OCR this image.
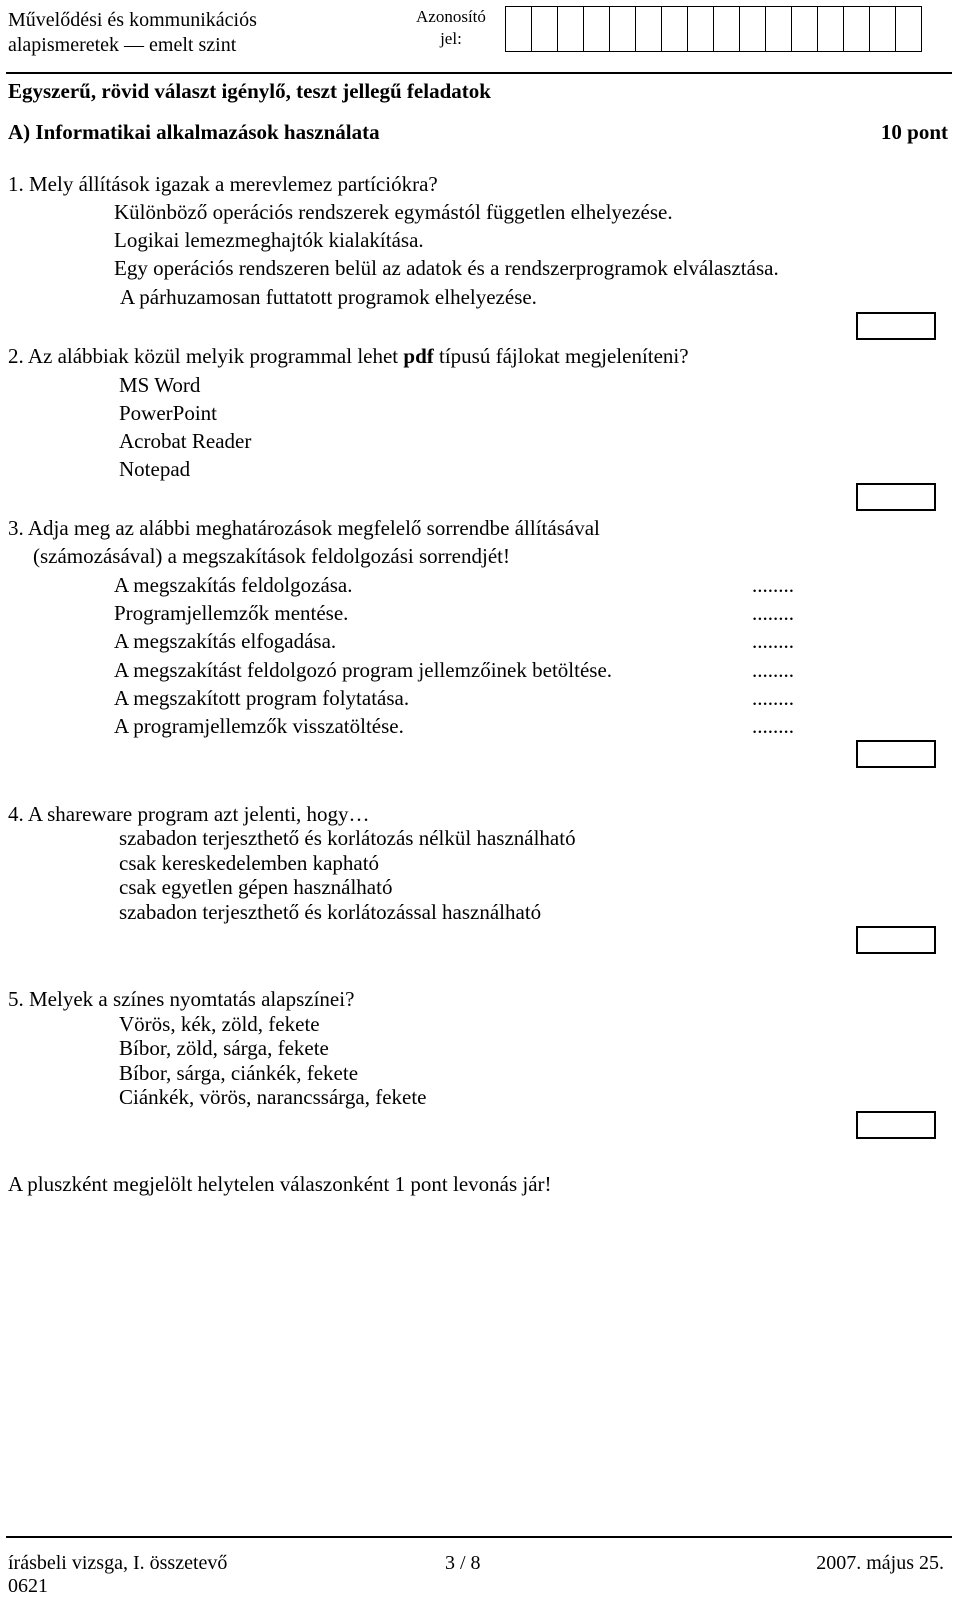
Művelődési és kommunikációs
alapismeretek — emelt szint
Azonosító
jel:
Egyszerű, rövid választ igénylő, teszt jellegű feladatok
A) Informatikai alkalmazások használata	10 pont
1. Mely állítások igazak a merevlemez partíciókra?
Különböző operációs rendszerek egymástól független elhelyezése.
Logikai lemezmeghajtók kialakítása.
Egy operációs rendszeren belül az adatok és a rendszerprogramok elválasztása.
A párhuzamosan futtatott programok elhelyezése.
2. Az alábbiak közül melyik programmal lehet pdf típusú fájlokat megjeleníteni?
MS Word
PowerPoint
Acrobat Reader
Notepad
3. Adja meg az alábbi meghatározások megfelelő sorrendbe állításával
(számozásával) a megszakítások feldolgozási sorrendjét!
A megszakítás feldolgozása.	........
Programjellemzők mentése.	........
A megszakítás elfogadása.	........
A megszakítást feldolgozó program jellemzőinek betöltése.	........
A megszakított program folytatása.	........
A programjellemzők visszatöltése.	........
4. A shareware program azt jelenti, hogy…
szabadon terjeszthető és korlátozás nélkül használható
csak kereskedelemben kapható
csak egyetlen gépen használható
szabadon terjeszthető és korlátozással használható
5. Melyek a színes nyomtatás alapszínei?
Vörös, kék, zöld, fekete
Bíbor, zöld, sárga, fekete
Bíbor, sárga, ciánkék, fekete
Ciánkék, vörös, narancssárga, fekete
A pluszként megjelölt helytelen válaszonként 1 pont levonás jár!
írásbeli vizsga, I. összetevő
0621
3 / 8	2007. május 25.
